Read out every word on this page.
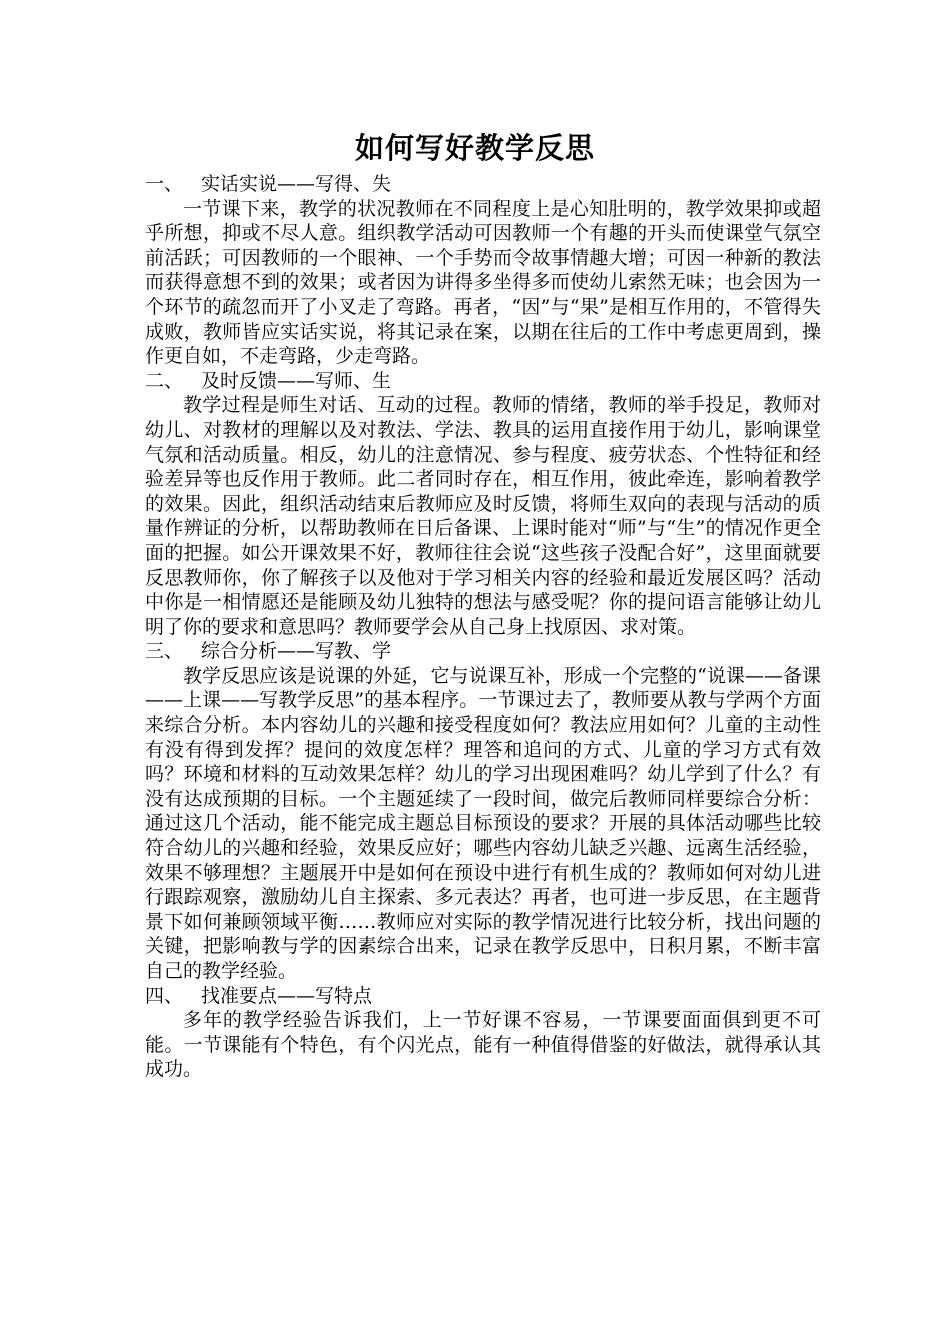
如何写好教学反思

一、 实话实说——写得、失

一节课下来，教学的状况教师在不同程度上是心知肚明的，教学效果抑或超乎所想，抑或不尽人意。组织教学活动可因教师一个有趣的开头而使课堂气氛空前活跃；可因教师的一个眼神、一个手势而令故事情趣大增；可因一种新的教法而获得意想不到的效果；或者因为讲得多坐得多而使幼儿索然无味；也会因为一个环节的疏忽而开了小叉走了弯路。再者，“因”与“果”是相互作用的，不管得失成败，教师皆应实话实说，将其记录在案，以期在往后的工作中考虑更周到，操作更自如，不走弯路，少走弯路。

二、 及时反馈——写师、生

教学过程是师生对话、互动的过程。教师的情绪，教师的举手投足，教师对幼儿、对教材的理解以及对教法、学法、教具的运用直接作用于幼儿，影响课堂气氛和活动质量。相反，幼儿的注意情况、参与程度、疲劳状态、个性特征和经验差异等也反作用于教师。此二者同时存在，相互作用，彼此牵连，影响着教学的效果。因此，组织活动结束后教师应及时反馈，将师生双向的表现与活动的质量作辨证的分析，以帮助教师在日后备课、上课时能对“师”与“生”的情况作更全面的把握。如公开课效果不好，教师往往会说“这些孩子没配合好”，这里面就要反思教师你，你了解孩子以及他对于学习相关内容的经验和最近发展区吗？活动中你是一相情愿还是能顾及幼儿独特的想法与感受呢？你的提问语言能够让幼儿明了你的要求和意思吗？教师要学会从自己身上找原因、求对策。

三、 综合分析——写教、学

教学反思应该是说课的外延，它与说课互补，形成一个完整的“说课——备课——上课——写教学反思”的基本程序。一节课过去了，教师要从教与学两个方面来综合分析。本内容幼儿的兴趣和接受程度如何？教法应用如何？儿童的主动性有没有得到发挥？提问的效度怎样？理答和追问的方式、儿童的学习方式有效吗？环境和材料的互动效果怎样？幼儿的学习出现困难吗？幼儿学到了什么？有没有达成预期的目标。一个主题延续了一段时间，做完后教师同样要综合分析：通过这几个活动，能不能完成主题总目标预设的要求？开展的具体活动哪些比较符合幼儿的兴趣和经验，效果反应好；哪些内容幼儿缺乏兴趣、远离生活经验，效果不够理想？主题展开中是如何在预设中进行有机生成的？教师如何对幼儿进行跟踪观察，激励幼儿自主探索、多元表达？再者，也可进一步反思，在主题背景下如何兼顾领域平衡……教师应对实际的教学情况进行比较分析，找出问题的关键，把影响教与学的因素综合出来，记录在教学反思中，日积月累，不断丰富自己的教学经验。

四、 找准要点——写特点

多年的教学经验告诉我们，上一节好课不容易，一节课要面面俱到更不可能。一节课能有个特色，有个闪光点，能有一种值得借鉴的好做法，就得承认其成功。
